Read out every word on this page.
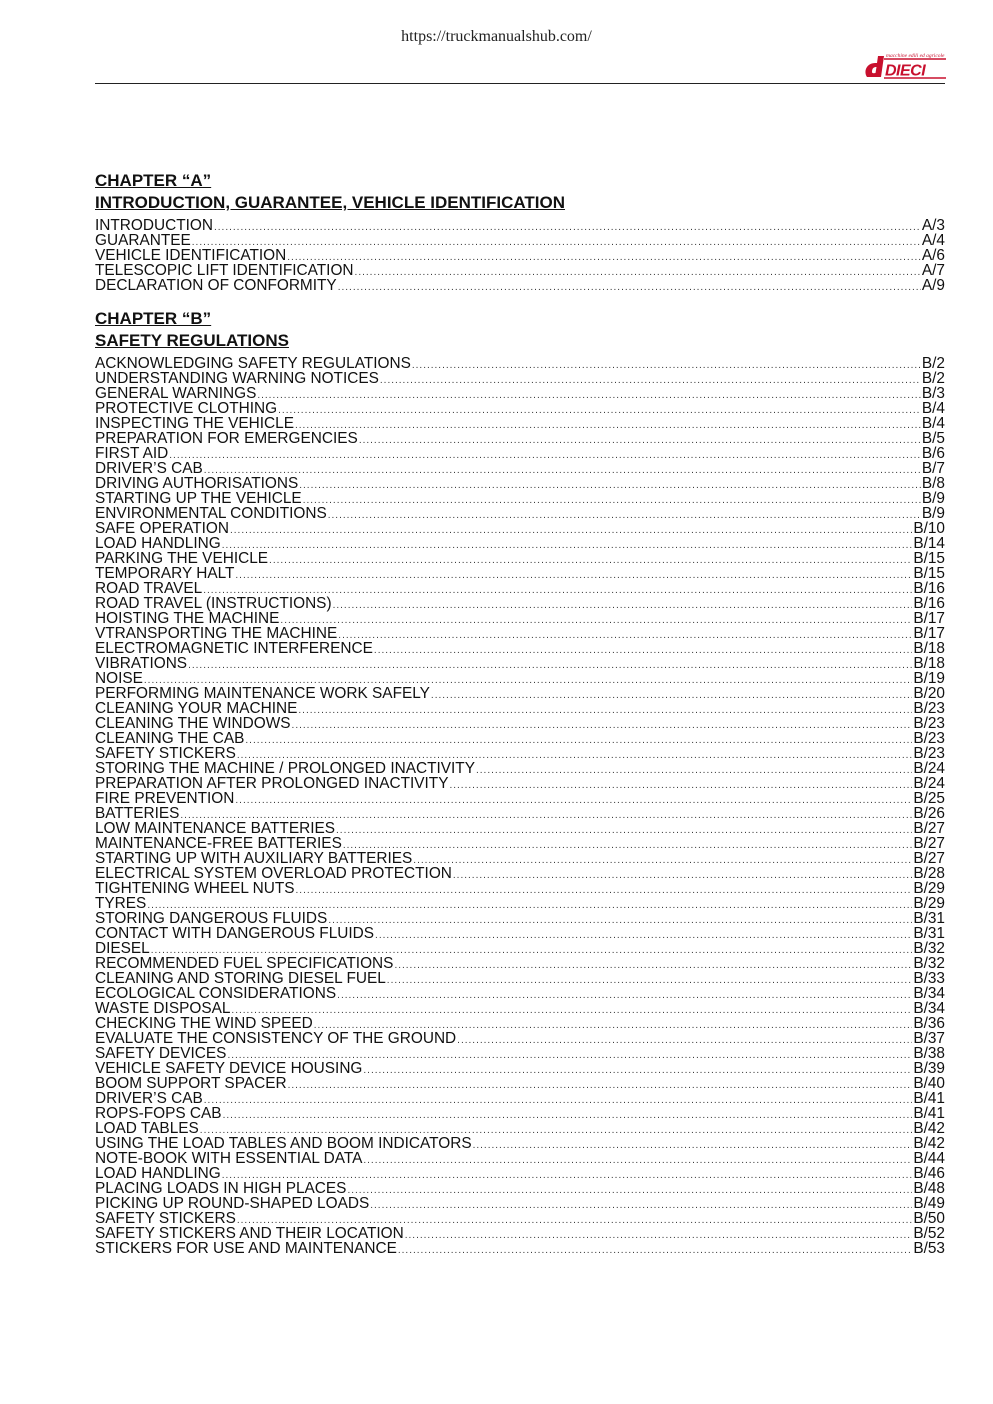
https://truckmanualshub.com/
macchine edili ed agricole
DIECI
CHAPTER “A”
INTRODUCTION, GUARANTEE, VEHICLE IDENTIFICATION
INTRODUCTION .....	A/3
GUARANTEE .....	A/4
VEHICLE IDENTIFICATION .....	A/6
TELESCOPIC LIFT IDENTIFICATION .....	A/7
DECLARATION OF CONFORMITY .....	A/9
CHAPTER “B”
SAFETY REGULATIONS
ACKNOWLEDGING SAFETY REGULATIONS .....	B/2
UNDERSTANDING WARNING NOTICES .....	B/2
GENERAL WARNINGS .....	B/3
PROTECTIVE CLOTHING .....	B/4
INSPECTING THE VEHICLE .....	B/4
PREPARATION FOR EMERGENCIES .....	B/5
FIRST AID .....	B/6
DRIVER’S CAB .....	B/7
DRIVING AUTHORISATIONS .....	B/8
STARTING UP THE VEHICLE .....	B/9
ENVIRONMENTAL CONDITIONS .....	B/9
SAFE OPERATION .....	B/10
LOAD HANDLING .....	B/14
PARKING THE VEHICLE .....	B/15
TEMPORARY HALT .....	B/15
ROAD TRAVEL .....	B/16
ROAD TRAVEL (INSTRUCTIONS) .....	B/16
HOISTING THE MACHINE .....	B/17
VTRANSPORTING THE MACHINE .....	B/17
ELECTROMAGNETIC INTERFERENCE .....	B/18
VIBRATIONS .....	B/18
NOISE .....	B/19
PERFORMING MAINTENANCE WORK SAFELY .....	B/20
CLEANING YOUR MACHINE .....	B/23
CLEANING THE WINDOWS .....	B/23
CLEANING THE CAB .....	B/23
SAFETY STICKERS .....	B/23
STORING THE MACHINE / PROLONGED INACTIVITY .....	B/24
PREPARATION AFTER PROLONGED INACTIVITY .....	B/24
FIRE PREVENTION .....	B/25
BATTERIES .....	B/26
LOW MAINTENANCE BATTERIES .....	B/27
MAINTENANCE-FREE BATTERIES .....	B/27
STARTING UP WITH AUXILIARY BATTERIES .....	B/27
ELECTRICAL SYSTEM OVERLOAD PROTECTION .....	B/28
TIGHTENING WHEEL NUTS .....	B/29
TYRES .....	B/29
STORING DANGEROUS FLUIDS .....	B/31
CONTACT WITH DANGEROUS FLUIDS .....	B/31
DIESEL .....	B/32
RECOMMENDED FUEL SPECIFICATIONS .....	B/32
CLEANING AND STORING DIESEL FUEL .....	B/33
ECOLOGICAL CONSIDERATIONS .....	B/34
WASTE DISPOSAL .....	B/34
CHECKING THE WIND SPEED .....	B/36
EVALUATE THE CONSISTENCY OF THE GROUND .....	B/37
SAFETY DEVICES .....	B/38
VEHICLE SAFETY DEVICE HOUSING .....	B/39
BOOM SUPPORT SPACER .....	B/40
DRIVER’S CAB .....	B/41
ROPS-FOPS CAB .....	B/41
LOAD TABLES .....	B/42
USING THE LOAD TABLES AND BOOM INDICATORS .....	B/42
NOTE-BOOK WITH ESSENTIAL DATA .....	B/44
LOAD HANDLING .....	B/46
PLACING LOADS IN HIGH PLACES .....	B/48
PICKING UP ROUND-SHAPED LOADS .....	B/49
SAFETY STICKERS .....	B/50
SAFETY STICKERS AND THEIR LOCATION .....	B/52
STICKERS FOR USE AND MAINTENANCE .....	B/53
